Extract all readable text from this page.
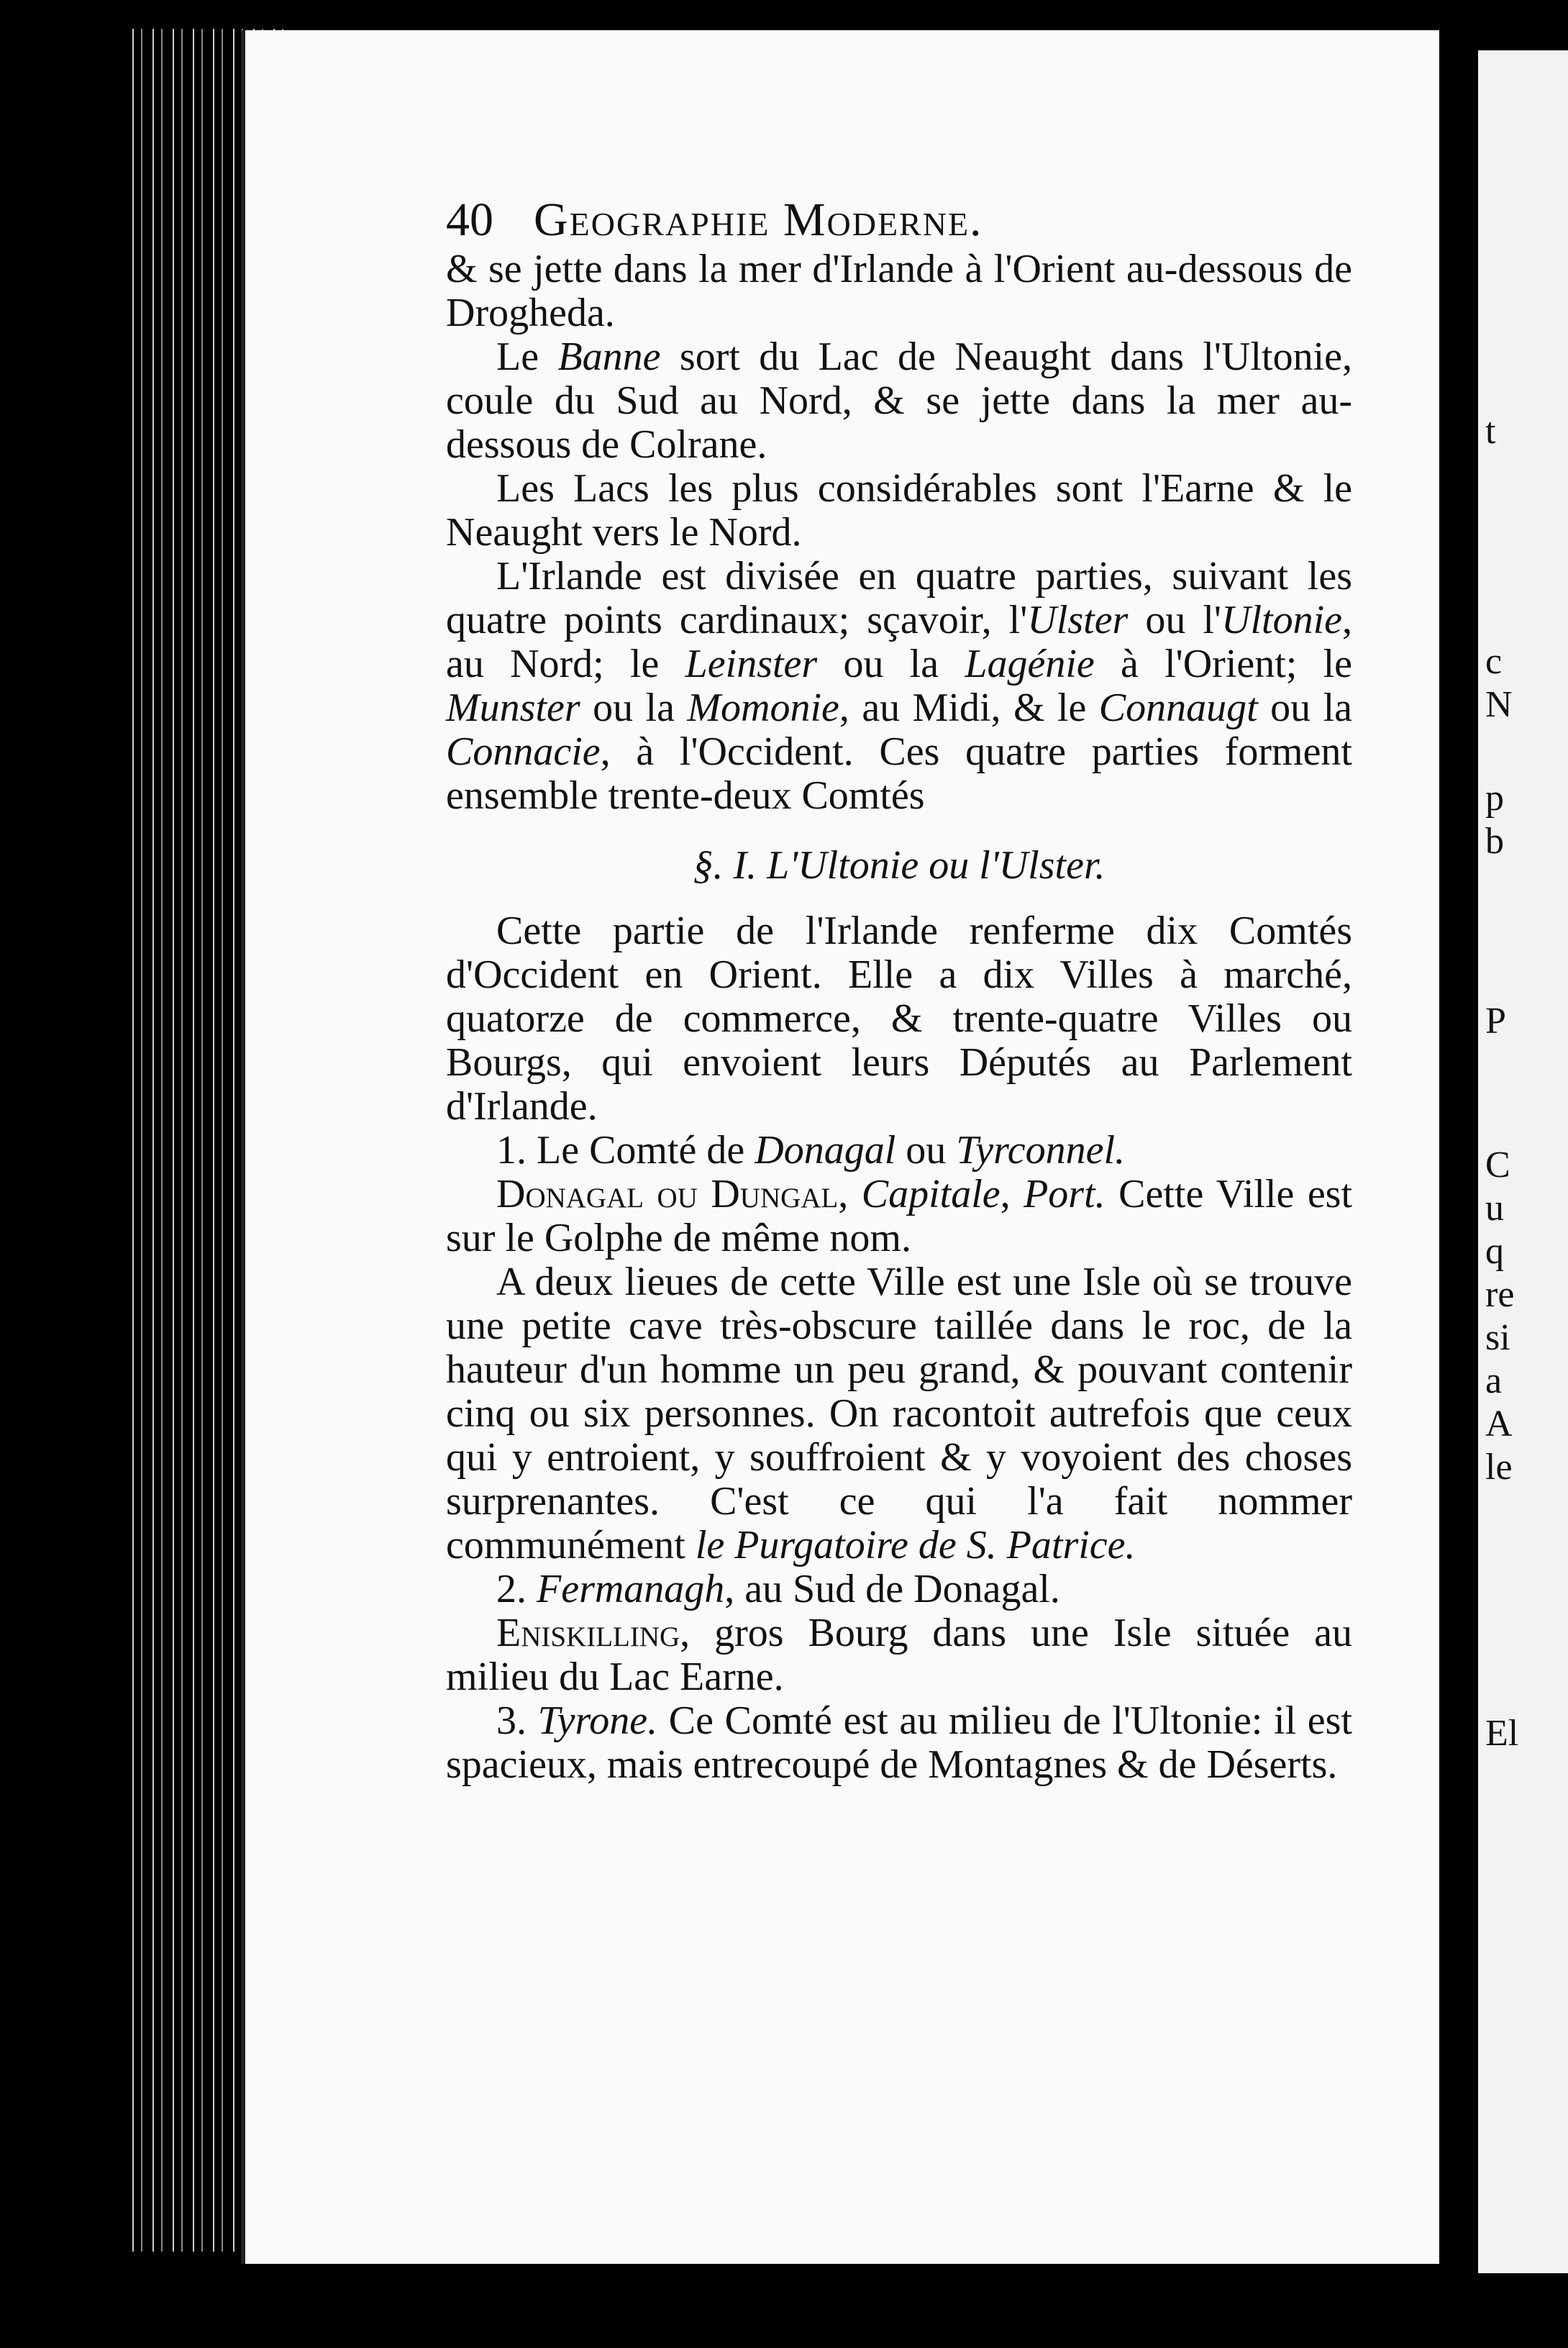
t
c
N
p
b
P
C
u
q
re
si
a
A
le
El
40 Geographie Moderne.

& se jette dans la mer d'Irlande à l'Orient au-dessous de Drogheda.

Le Banne sort du Lac de Neaught dans l'Ultonie, coule du Sud au Nord, & se jette dans la mer au-dessous de Colrane.

Les Lacs les plus considérables sont l'Earne & le Neaught vers le Nord.

L'Irlande est divisée en quatre parties, suivant les quatre points cardinaux; sçavoir, l'Ulster ou l'Ultonie, au Nord; le Leinster ou la Lagénie à l'Orient; le Munster ou la Momonie, au Midi, & le Connaugt ou la Connacie, à l'Occident. Ces quatre parties forment ensemble trente-deux Comtés

§. I. L'Ultonie ou l'Ulster.

Cette partie de l'Irlande renferme dix Comtés d'Occident en Orient. Elle a dix Villes à marché, quatorze de commerce, & trente-quatre Villes ou Bourgs, qui envoient leurs Députés au Parlement d'Irlande.

1. Le Comté de Donagal ou Tyrconnel.

Donagal ou Dungal, Capitale, Port. Cette Ville est sur le Golphe de même nom.

A deux lieues de cette Ville est une Isle où se trouve une petite cave très-obscure taillée dans le roc, de la hauteur d'un homme un peu grand, & pouvant contenir cinq ou six personnes. On racontoit autrefois que ceux qui y entroient, y souffroient & y voyoient des choses surprenantes. C'est ce qui l'a fait nommer communément le Purgatoire de S. Patrice.

2. Fermanagh, au Sud de Donagal.

Eniskilling, gros Bourg dans une Isle située au milieu du Lac Earne.

3. Tyrone. Ce Comté est au milieu de l'Ultonie: il est spacieux, mais entrecoupé de Montagnes & de Déserts.
